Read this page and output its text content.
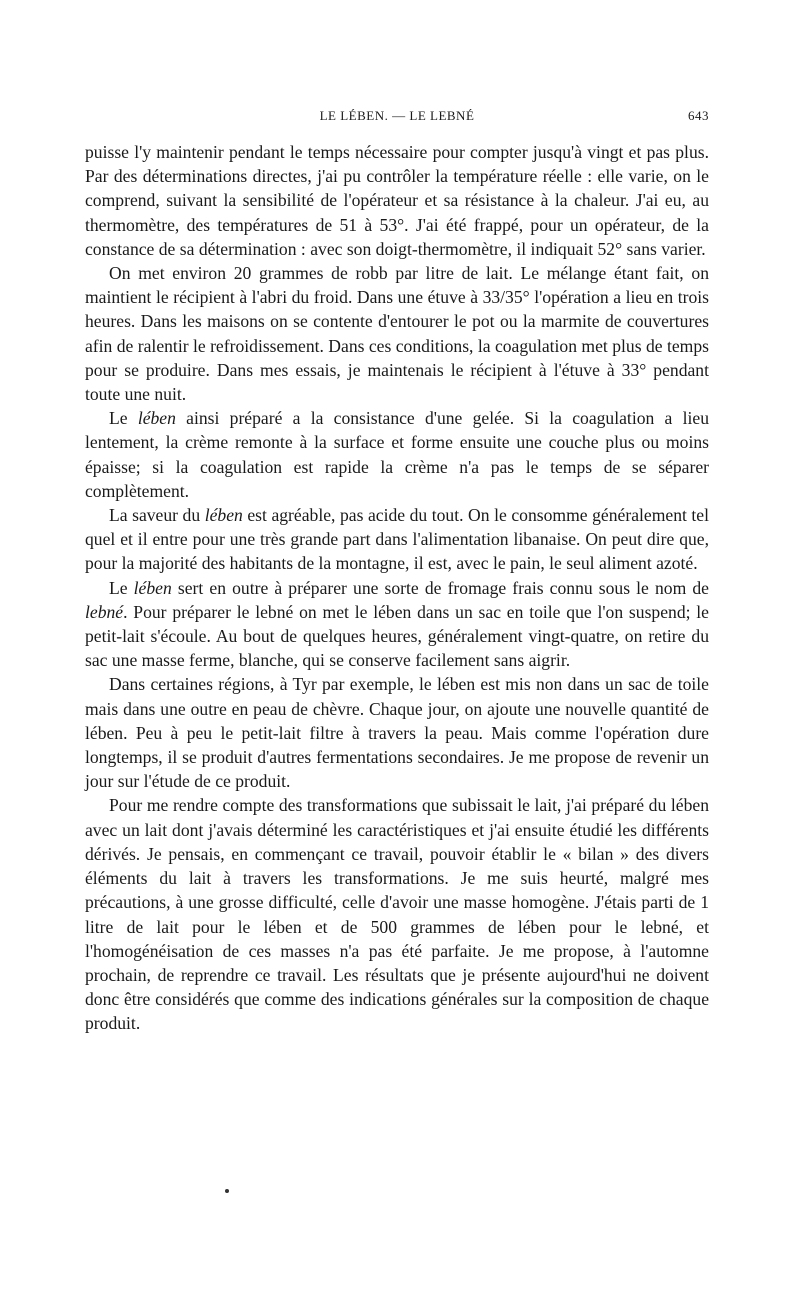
LE LÉBEN. — LE LEBNÉ	643

puisse l'y maintenir pendant le temps nécessaire pour compter jusqu'à vingt et pas plus. Par des déterminations directes, j'ai pu contrôler la température réelle : elle varie, on le comprend, suivant la sensibilité de l'opérateur et sa résistance à la chaleur. J'ai eu, au thermomètre, des températures de 51 à 53°. J'ai été frappé, pour un opérateur, de la constance de sa détermination : avec son doigt-thermomètre, il indiquait 52° sans varier.

On met environ 20 grammes de robb par litre de lait. Le mélange étant fait, on maintient le récipient à l'abri du froid. Dans une étuve à 33/35° l'opération a lieu en trois heures. Dans les maisons on se contente d'entourer le pot ou la marmite de couvertures afin de ralentir le refroidissement. Dans ces conditions, la coagulation met plus de temps pour se produire. Dans mes essais, je maintenais le récipient à l'étuve à 33° pendant toute une nuit.

Le lében ainsi préparé a la consistance d'une gelée. Si la coagulation a lieu lentement, la crème remonte à la surface et forme ensuite une couche plus ou moins épaisse; si la coagulation est rapide la crème n'a pas le temps de se séparer complètement.

La saveur du lében est agréable, pas acide du tout. On le consomme généralement tel quel et il entre pour une très grande part dans l'alimentation libanaise. On peut dire que, pour la majorité des habitants de la montagne, il est, avec le pain, le seul aliment azoté.

Le lében sert en outre à préparer une sorte de fromage frais connu sous le nom de lebné. Pour préparer le lebné on met le lében dans un sac en toile que l'on suspend; le petit-lait s'écoule. Au bout de quelques heures, généralement vingt-quatre, on retire du sac une masse ferme, blanche, qui se conserve facilement sans aigrir.

Dans certaines régions, à Tyr par exemple, le lében est mis non dans un sac de toile mais dans une outre en peau de chèvre. Chaque jour, on ajoute une nouvelle quantité de lében. Peu à peu le petit-lait filtre à travers la peau. Mais comme l'opération dure longtemps, il se produit d'autres fermentations secondaires. Je me propose de revenir un jour sur l'étude de ce produit.

Pour me rendre compte des transformations que subissait le lait, j'ai préparé du lében avec un lait dont j'avais déterminé les caractéristiques et j'ai ensuite étudié les différents dérivés. Je pensais, en commençant ce travail, pouvoir établir le « bilan » des divers éléments du lait à travers les transformations. Je me suis heurté, malgré mes précautions, à une grosse difficulté, celle d'avoir une masse homogène. J'étais parti de 1 litre de lait pour le lében et de 500 grammes de lében pour le lebné, et l'homogénéisation de ces masses n'a pas été parfaite. Je me propose, à l'automne prochain, de reprendre ce travail. Les résultats que je présente aujourd'hui ne doivent donc être considérés que comme des indications générales sur la composition de chaque produit.
